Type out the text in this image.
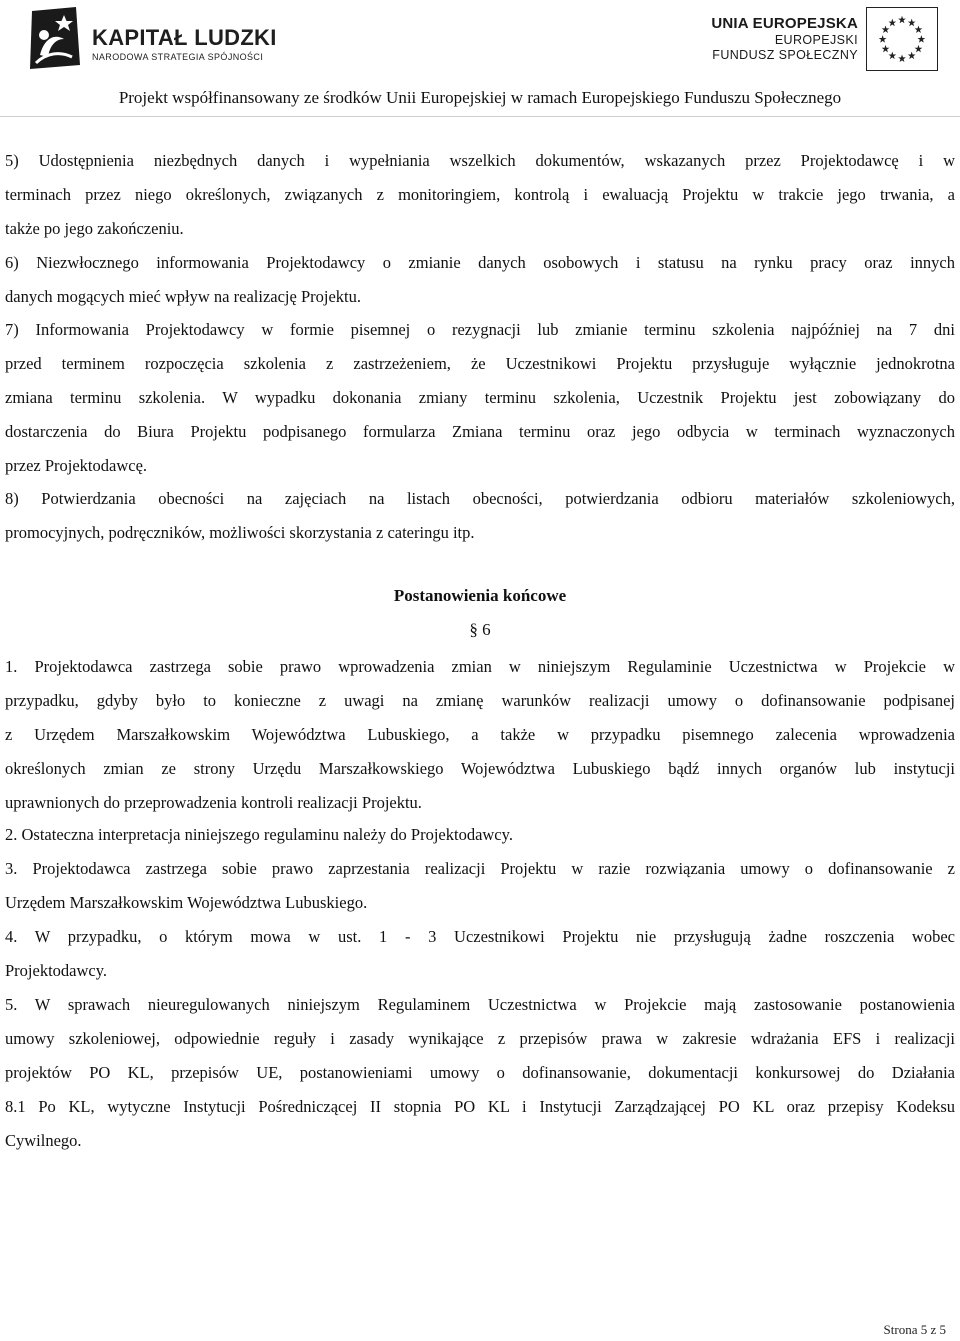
KAPITAŁ LUDZKI
NARODOWA STRATEGIA SPÓJNOŚCI
UNIA EUROPEJSKA
EUROPEJSKI
FUNDUSZ SPOŁECZNY
Projekt współfinansowany ze środków Unii Europejskiej w ramach Europejskiego Funduszu Społecznego
5) Udostępnienia niezbędnych danych i wypełniania wszelkich dokumentów, wskazanych przez Projektodawcę i w
terminach przez niego określonych, związanych z monitoringiem, kontrolą i ewaluacją Projektu w trakcie jego trwania, a
także po jego zakończeniu.
6) Niezwłocznego informowania Projektodawcy o zmianie danych osobowych i statusu na rynku pracy oraz innych
danych mogących mieć wpływ na realizację Projektu.
7) Informowania Projektodawcy w formie pisemnej o rezygnacji lub zmianie terminu szkolenia najpóźniej na 7 dni
przed terminem rozpoczęcia szkolenia z zastrzeżeniem, że Uczestnikowi Projektu przysługuje wyłącznie jednokrotna
zmiana terminu szkolenia. W wypadku dokonania zmiany terminu szkolenia, Uczestnik Projektu jest zobowiązany do
dostarczenia do Biura Projektu podpisanego formularza Zmiana terminu oraz jego odbycia w terminach wyznaczonych
przez Projektodawcę.
8) Potwierdzania obecności na zajęciach na listach obecności, potwierdzania odbioru materiałów szkoleniowych,
promocyjnych, podręczników, możliwości skorzystania z cateringu itp.
Postanowienia końcowe
§ 6
1. Projektodawca zastrzega sobie prawo wprowadzenia zmian w niniejszym Regulaminie Uczestnictwa w Projekcie w
przypadku, gdyby było to konieczne z uwagi na zmianę warunków realizacji umowy o dofinansowanie podpisanej
z Urzędem Marszałkowskim Województwa Lubuskiego, a także w przypadku pisemnego zalecenia wprowadzenia
określonych zmian ze strony Urzędu Marszałkowskiego Województwa Lubuskiego bądź innych organów lub instytucji
uprawnionych do przeprowadzenia kontroli realizacji Projektu.
2. Ostateczna interpretacja niniejszego regulaminu należy do Projektodawcy.
3. Projektodawca zastrzega sobie prawo zaprzestania realizacji Projektu w razie rozwiązania umowy o dofinansowanie z
Urzędem Marszałkowskim Województwa Lubuskiego.
4. W przypadku, o którym mowa w ust. 1 - 3 Uczestnikowi Projektu nie przysługują żadne roszczenia wobec
Projektodawcy.
5. W sprawach nieuregulowanych niniejszym Regulaminem Uczestnictwa w Projekcie mają zastosowanie postanowienia
umowy szkoleniowej, odpowiednie reguły i zasady wynikające z przepisów prawa w zakresie wdrażania EFS i realizacji
projektów PO KL, przepisów UE, postanowieniami umowy o dofinansowanie, dokumentacji konkursowej do Działania
8.1 Po KL, wytyczne Instytucji Pośredniczącej II stopnia PO KL i Instytucji Zarządzającej PO KL oraz przepisy Kodeksu
Cywilnego.
Strona 5 z 5
